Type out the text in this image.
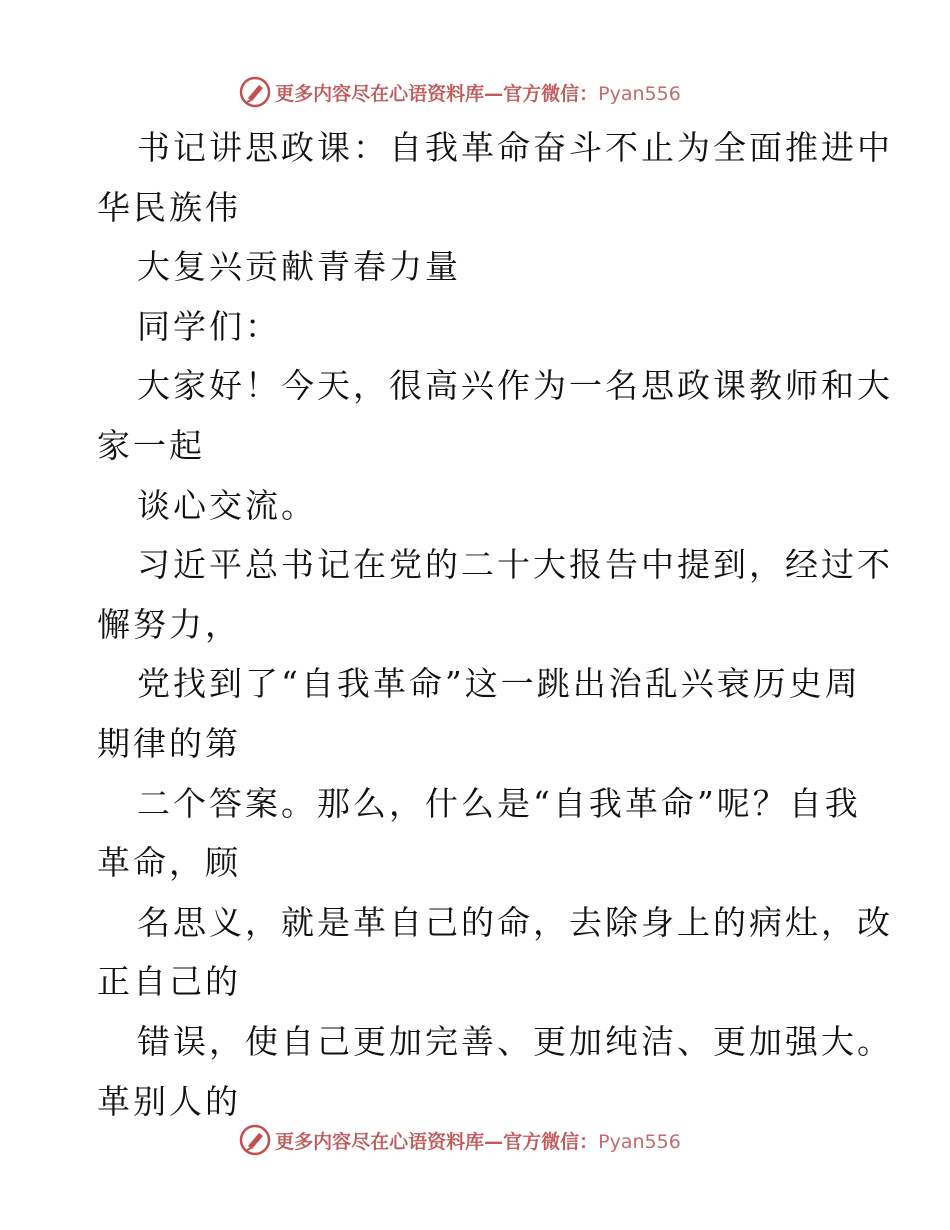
更多内容尽在心语资料库—官方微信：Pyan556
书记讲思政课：自我革命奋斗不止为全面推进中
华民族伟
大复兴贡献青春力量
同学们：
大家好！今天，很高兴作为一名思政课教师和大
家一起
谈心交流。
习近平总书记在党的二十大报告中提到，经过不
懈努力，
党找到了“自我革命”这一跳出治乱兴衰历史周
期律的第
二个答案。那么，什么是“自我革命”呢？自我
革命，顾
名思义，就是革自己的命，去除身上的病灶，改
正自己的
错误，使自己更加完善、更加纯洁、更加强大。
革别人的
更多内容尽在心语资料库—官方微信：Pyan556
